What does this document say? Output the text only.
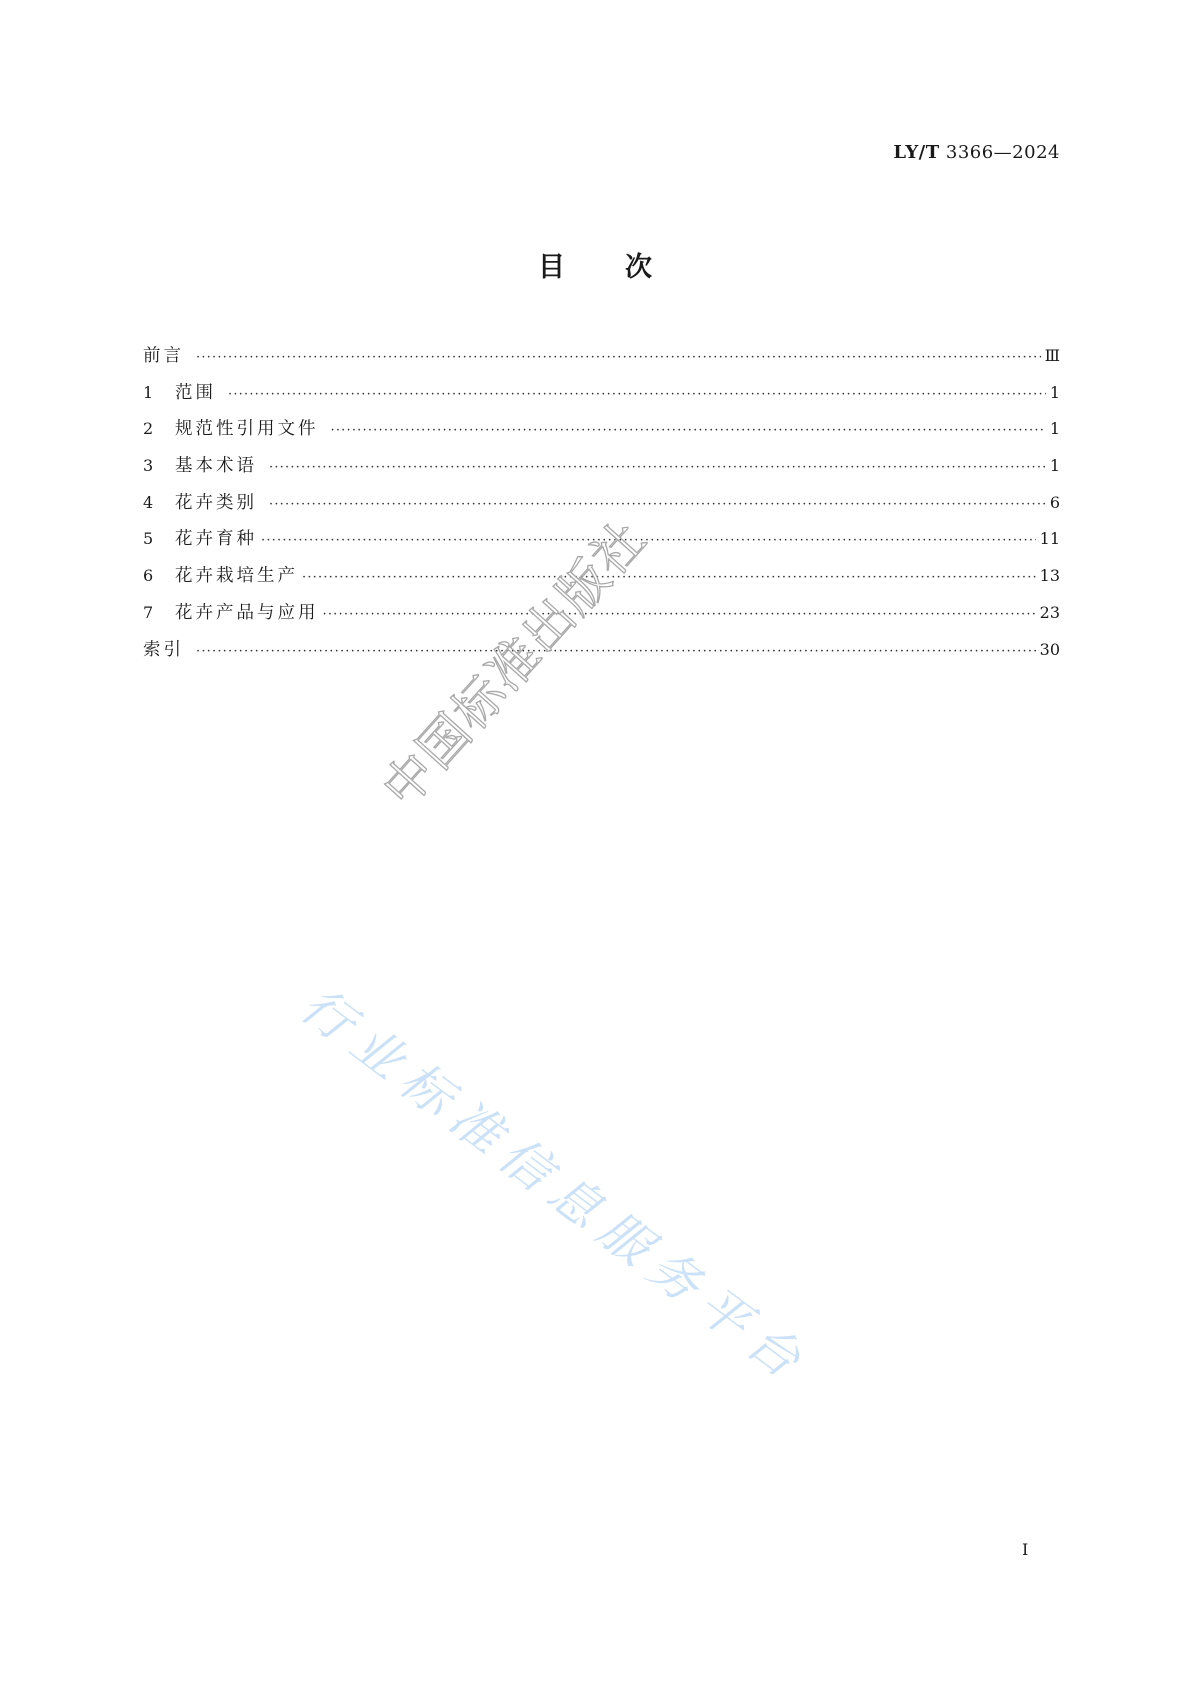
LY/T 3366—2024
目次
前言 ·····	Ⅲ
1	范围 ·····	1
2	规范性引用文件 ·····	1
3	基本术语 ·····	1
4	花卉类别 ·····	6
5	花卉育种 ·····	11
6	花卉栽培生产 ·····	13
7	花卉产品与应用 ·····	23
索引 ·····	30
中国标准出版社
行业标准信息服务平台
Ⅰ
